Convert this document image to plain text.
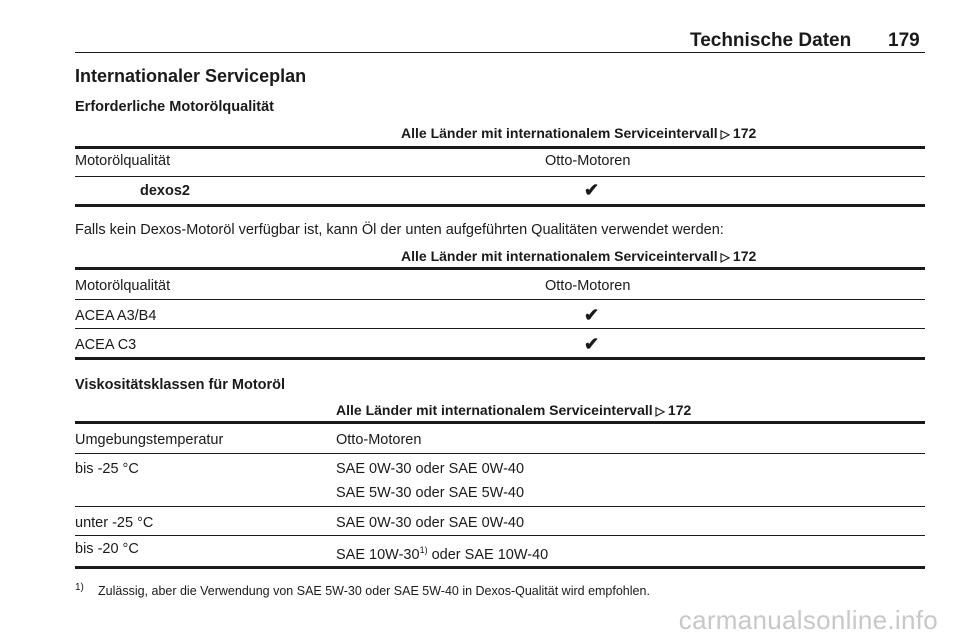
Technische Daten 179
Internationaler Serviceplan
Erforderliche Motorölqualität
Alle Länder mit internationalem Serviceintervall ▷ 172
Motorölqualität	Otto-Motoren
dexos2	✔
Falls kein Dexos-Motoröl verfügbar ist, kann Öl der unten aufgeführten Qualitäten verwendet werden:
Alle Länder mit internationalem Serviceintervall ▷ 172
Motorölqualität	Otto-Motoren
ACEA A3/B4	✔
ACEA C3	✔
Viskositätsklassen für Motoröl
Alle Länder mit internationalem Serviceintervall ▷ 172
Umgebungstemperatur	Otto-Motoren
bis -25 °C	SAE 0W-30 oder SAE 0W-40
SAE 5W-30 oder SAE 5W-40
unter -25 °C	SAE 0W-30 oder SAE 0W-40
bis -20 °C	SAE 10W-30$^{1)}$ oder SAE 10W-40
1) Zulässig, aber die Verwendung von SAE 5W-30 oder SAE 5W-40 in Dexos-Qualität wird empfohlen.
carmanualsonline.info
